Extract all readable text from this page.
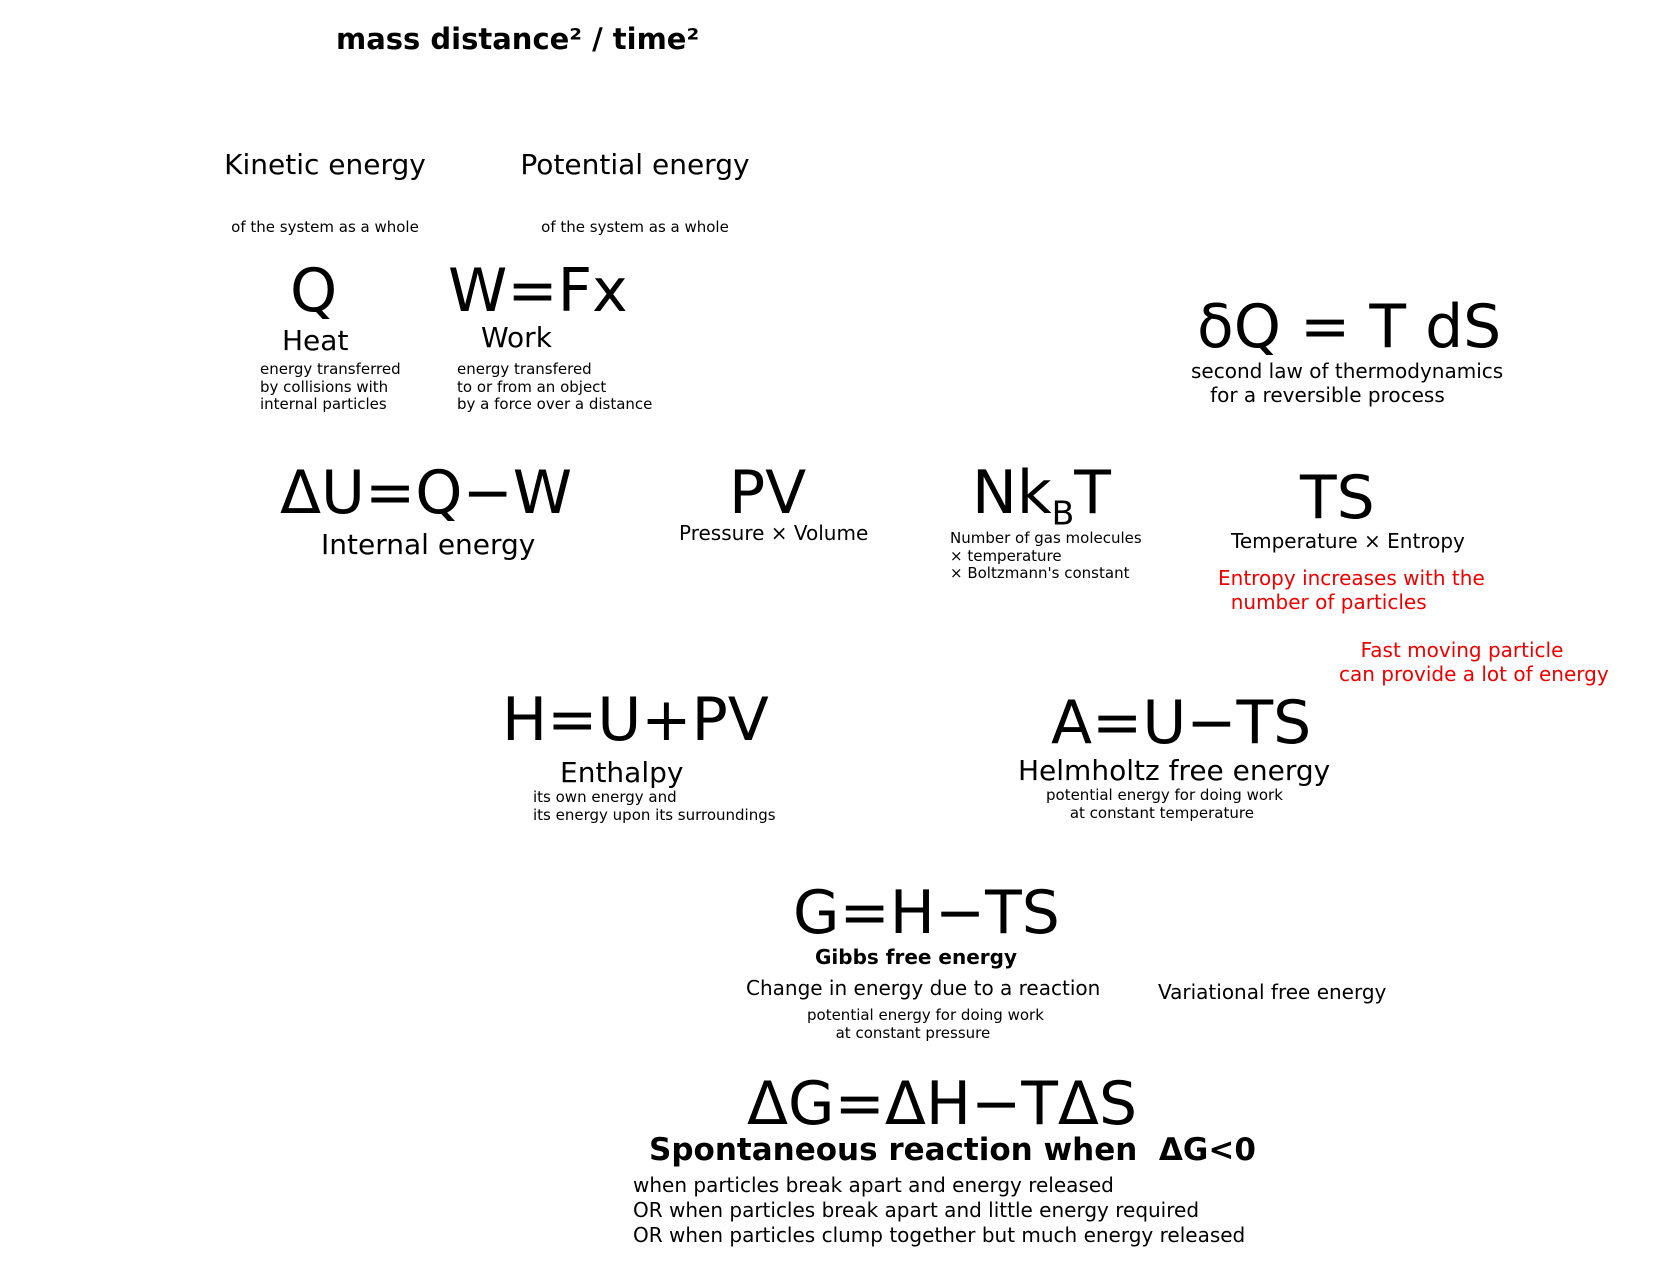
mass distance² / time²

Kinetic energy

of the system as a whole

Potential energy

of the system as a whole

Q
Heat
energy transferred
by collisions with
internal particles
W=Fx
Work
energy transfered
to or from an object
by a force over a distance
δQ = T dS
second law of thermodynamics
for a reversible process
ΔU=Q−W
Internal energy
PV
Pressure × Volume
$Nk_BT$
Number of gas molecules
× temperature
× Boltzmann's constant
TS
Temperature × Entropy
Entropy increases with the
number of particles
Fast moving particle
can provide a lot of energy
H=U+PV
Enthalpy
its own energy and
its energy upon its surroundings
A=U−TS
Helmholtz free energy
potential energy for doing work
at constant temperature
G=H−TS
Gibbs free energy
Change in energy due to a reaction
potential energy for doing work
at constant pressure
Variational free energy
ΔG=ΔH−TΔS
Spontaneous reaction when  ΔG<0
when particles break apart and energy released
OR when particles break apart and little energy required
OR when particles clump together but much energy released
